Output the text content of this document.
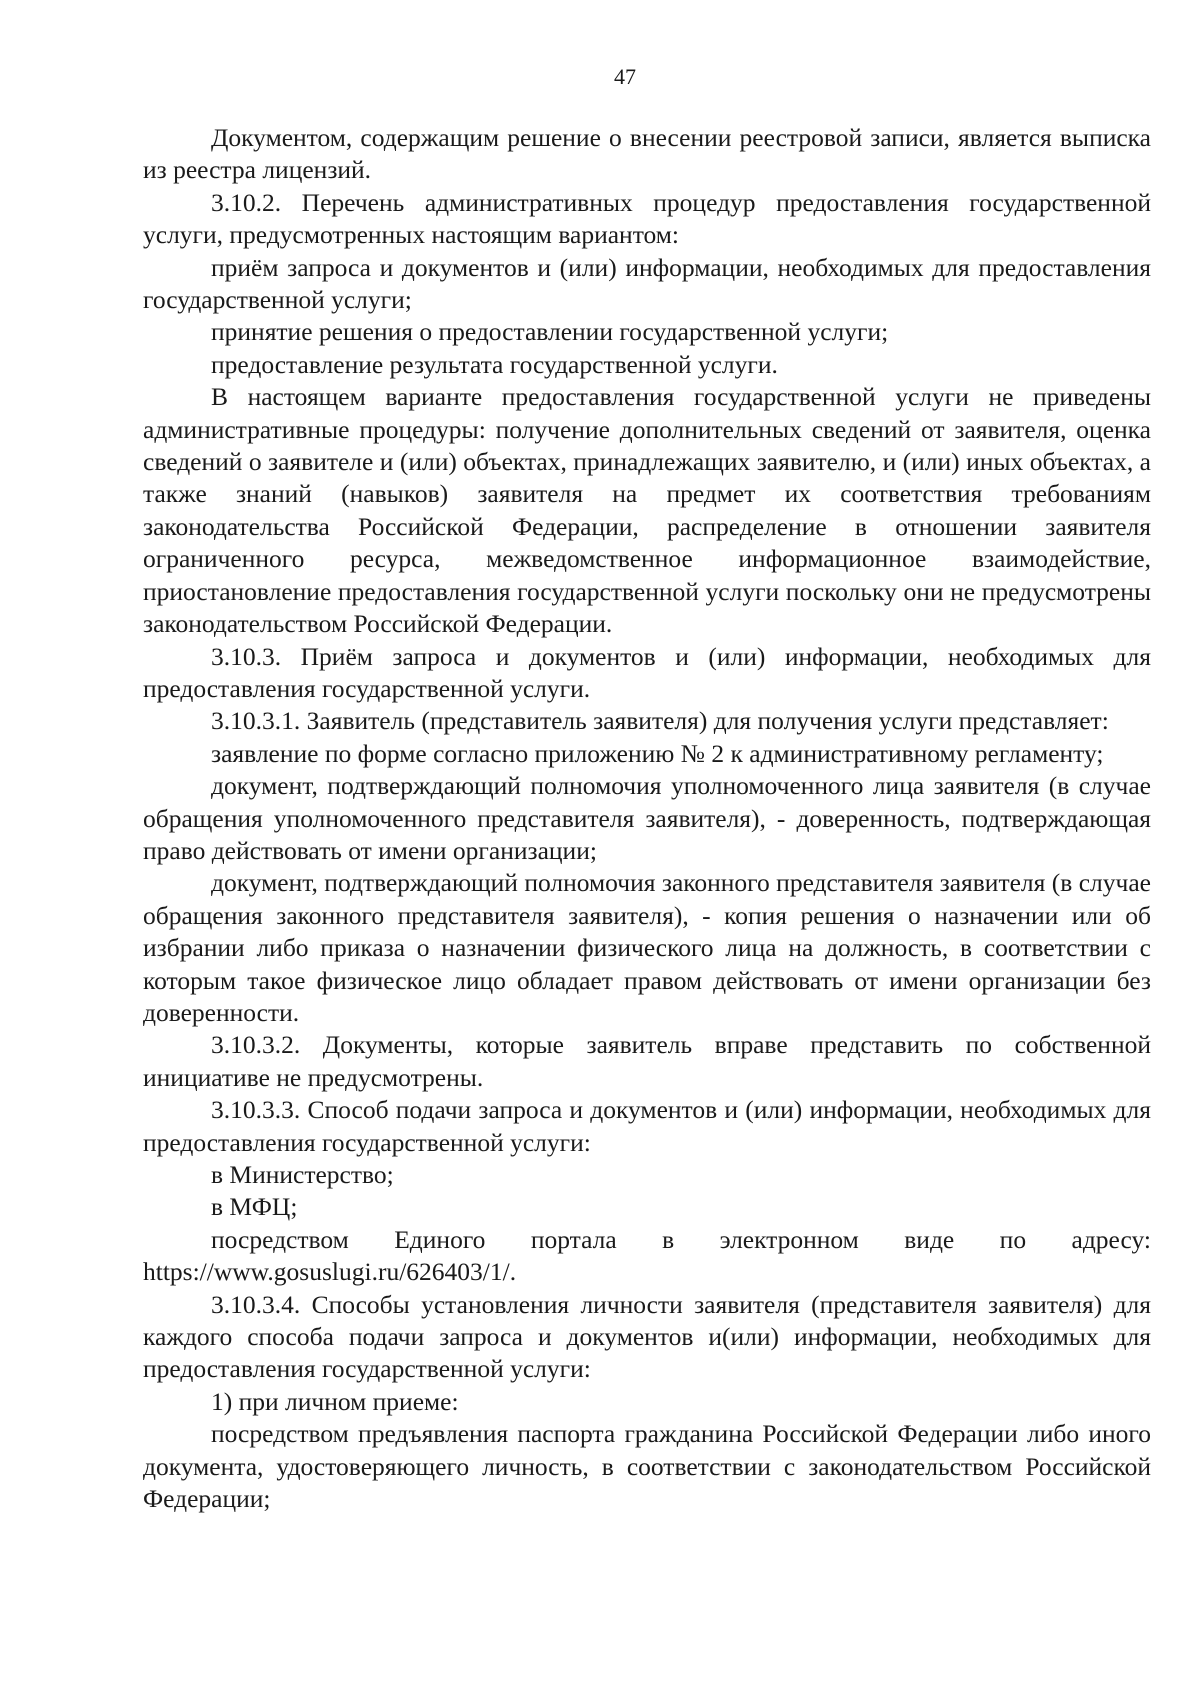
47

Документом, содержащим решение о внесении реестровой записи, является выписка из реестра лицензий.

3.10.2. Перечень административных процедур предоставления государственной услуги, предусмотренных настоящим вариантом:

приём запроса и документов и (или) информации, необходимых для предоставления государственной услуги;

принятие решения о предоставлении государственной услуги;

предоставление результата государственной услуги.

В настоящем варианте предоставления государственной услуги не приведены административные процедуры: получение дополнительных сведений от заявителя, оценка сведений о заявителе и (или) объектах, принадлежащих заявителю, и (или) иных объектах, а также знаний (навыков) заявителя на предмет их соответствия требованиям законодательства Российской Федерации, распределение в отношении заявителя ограниченного ресурса, межведомственное информационное взаимодействие, приостановление предоставления государственной услуги поскольку они не предусмотрены законодательством Российской Федерации.

3.10.3. Приём запроса и документов и (или) информации, необходимых для предоставления государственной услуги.

3.10.3.1. Заявитель (представитель заявителя) для получения услуги представляет:

заявление по форме согласно приложению № 2 к административному регламенту;

документ, подтверждающий полномочия уполномоченного лица заявителя (в случае обращения уполномоченного представителя заявителя), - доверенность, подтверждающая право действовать от имени организации;

документ, подтверждающий полномочия законного представителя заявителя (в случае обращения законного представителя заявителя), - копия решения о назначении или об избрании либо приказа о назначении физического лица на должность, в соответствии с которым такое физическое лицо обладает правом действовать от имени организации без доверенности.

3.10.3.2. Документы, которые заявитель вправе представить по собственной инициативе не предусмотрены.

3.10.3.3. Способ подачи запроса и документов и (или) информации, необходимых для предоставления государственной услуги:

в Министерство;

в МФЦ;

посредством Единого портала в электронном виде по адресу: https://www.gosuslugi.ru/626403/1/.

3.10.3.4. Способы установления личности заявителя (представителя заявителя) для каждого способа подачи запроса и документов и(или) информации, необходимых для предоставления государственной услуги:

1) при личном приеме:

посредством предъявления паспорта гражданина Российской Федерации либо иного документа, удостоверяющего личность, в соответствии с законодательством Российской Федерации;
